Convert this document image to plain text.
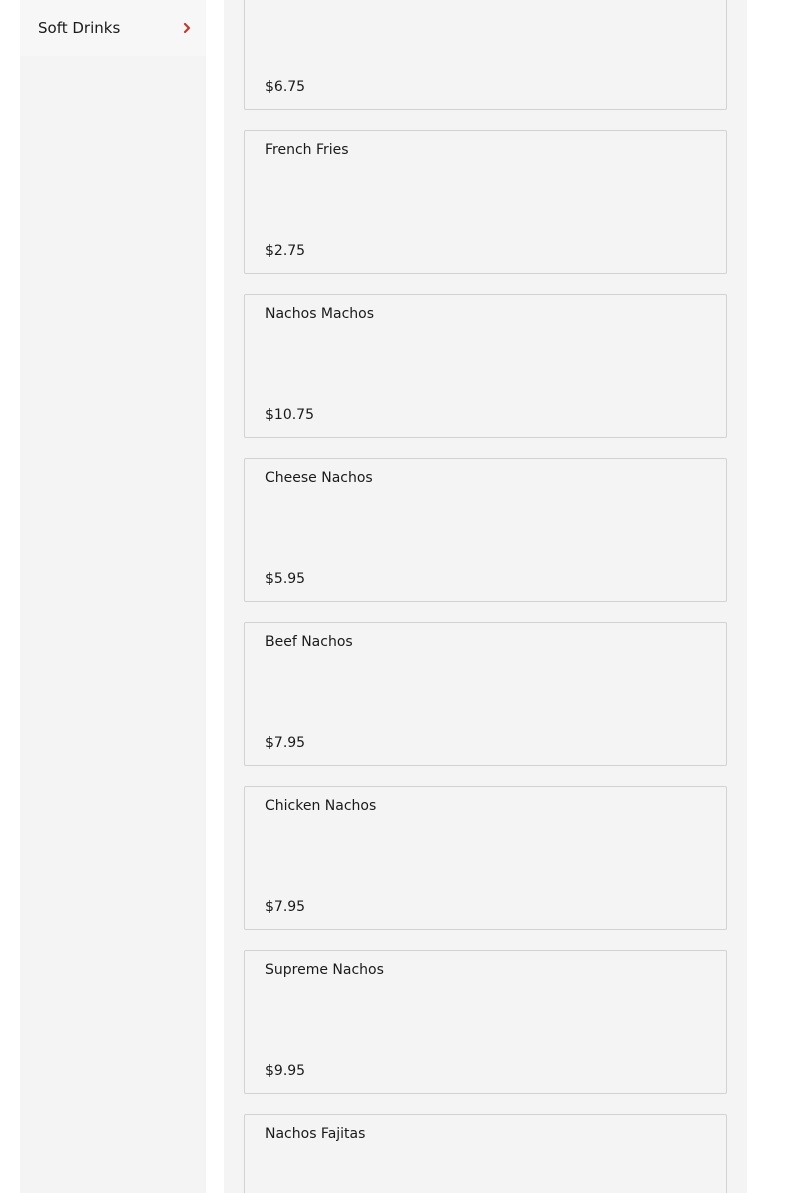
Soft Drinks
$6.75
French Fries
$2.75
Nachos Machos
$10.75
Cheese Nachos
$5.95
Beef Nachos
$7.95
Chicken Nachos
$7.95
Supreme Nachos
$9.95
Nachos Fajitas
